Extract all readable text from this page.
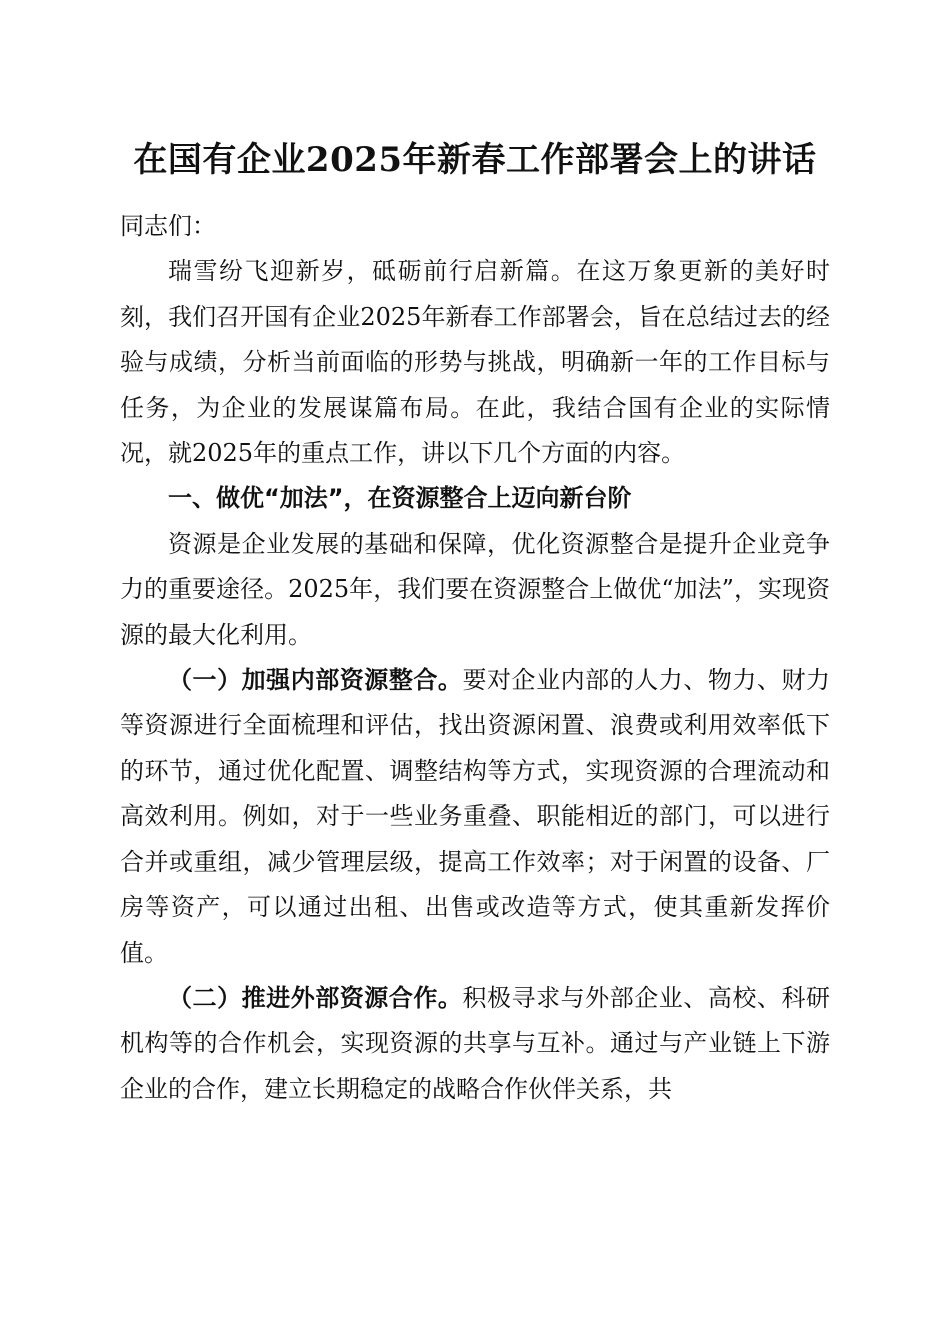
在国有企业2025年新春工作部署会上的讲话

同志们：

瑞雪纷飞迎新岁，砥砺前行启新篇。在这万象更新的美好时刻，我们召开国有企业2025年新春工作部署会，旨在总结过去的经验与成绩，分析当前面临的形势与挑战，明确新一年的工作目标与任务，为企业的发展谋篇布局。在此，我结合国有企业的实际情况，就2025年的重点工作，讲以下几个方面的内容。

一、做优“加法”，在资源整合上迈向新台阶

资源是企业发展的基础和保障，优化资源整合是提升企业竞争力的重要途径。2025年，我们要在资源整合上做优“加法”，实现资源的最大化利用。

（一）加强内部资源整合。要对企业内部的人力、物力、财力等资源进行全面梳理和评估，找出资源闲置、浪费或利用效率低下的环节，通过优化配置、调整结构等方式，实现资源的合理流动和高效利用。例如，对于一些业务重叠、职能相近的部门，可以进行合并或重组，减少管理层级，提高工作效率；对于闲置的设备、厂房等资产，可以通过出租、出售或改造等方式，使其重新发挥价值。

（二）推进外部资源合作。积极寻求与外部企业、高校、科研机构等的合作机会，实现资源的共享与互补。通过与产业链上下游企业的合作，建立长期稳定的战略合作伙伴关系，共
